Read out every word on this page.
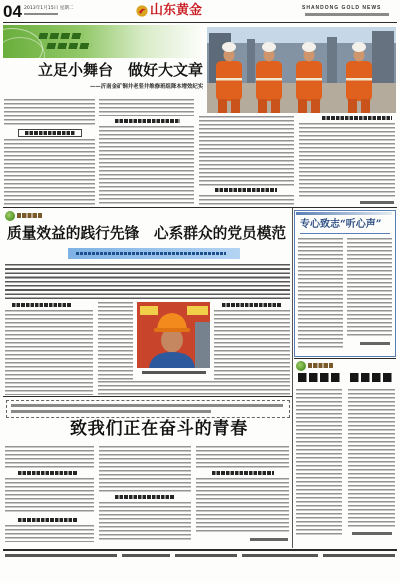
04 2013年1月15日 星期二	山东黄金	SHANDONG GOLD NEWS
立足小舞台　做好大文章
——沂南金矿铜井老竖井维修班组降本增效纪实
质量效益的践行先锋　心系群众的党员模范
专心致志“听心声”
致我们正在奋斗的青春
